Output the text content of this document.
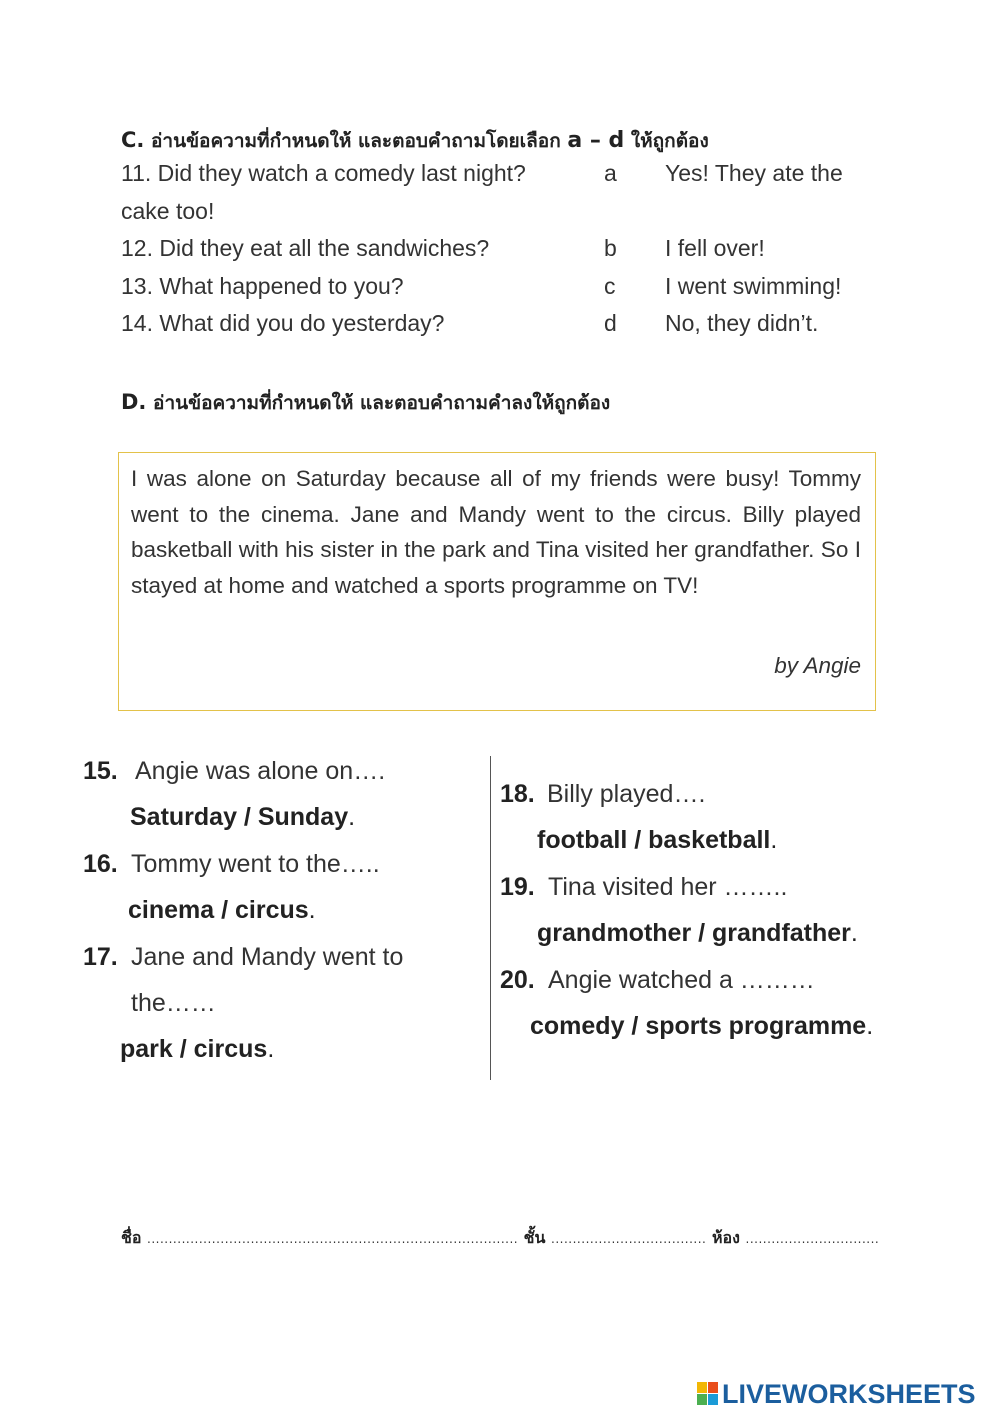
C. อ่านข้อความที่กำหนดให้ และตอบคำถามโดยเลือก a – d ให้ถูกต้อง
11. Did they watch a comedy last night?	a Yes! They ate the
cake too!
12. Did they eat all the sandwiches?	b I fell over!
13. What happened to you?	c I went swimming!
14. What did you do yesterday?	d No, they didn’t.
D. อ่านข้อความที่กำหนดให้ และตอบคำถามคำลงให้ถูกต้อง
I was alone on Saturday because all of my friends were busy! Tommy went to the cinema. Jane and Mandy went to the circus. Billy played basketball with his sister in the park and Tina visited her grandfather. So I stayed at home and watched a sports programme on TV!
by Angie
15. Angie was alone on….
Saturday / Sunday.
16. Tommy went to the…..
cinema / circus.
17. Jane and Mandy went to
the……
park / circus.
18. Billy played….
football / basketball.
19. Tina visited her ……..
grandmother / grandfather.
20. Angie watched a ………
comedy / sports programme.
ชื่อ ...................................................................................... ชั้น .................................... ห้อง ...............................
LIVEWORKSHEETS
